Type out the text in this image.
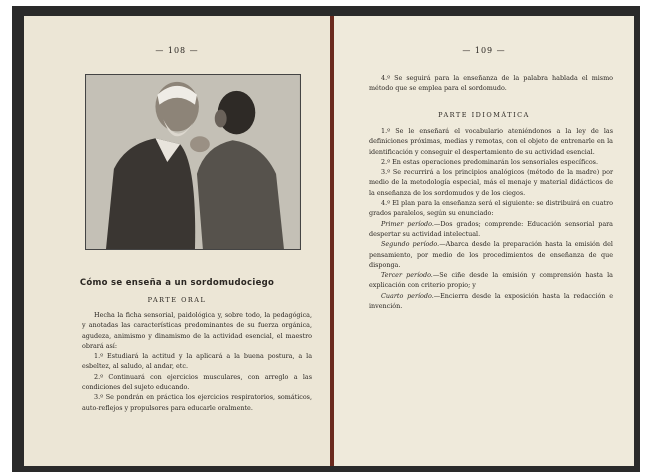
— 108 —
Cómo se enseña a un sordomudociego
PARTE ORAL

Hecha la ficha sensorial, paidológica y, sobre todo, la pedagógica, y anotadas las características predominantes de su fuerza orgánica, agudeza, animismo y dinamismo de la actividad esencial, el maestro obrará así:

1.º Estudiará la actitud y la aplicará a la buena postura, a la esbeltez, al saludo, al andar, etc.

2.º Continuará con ejercicios musculares, con arreglo a las condiciones del sujeto educando.

3.º Se pondrán en práctica los ejercicios respiratorios, somáticos, auto-reflejos y propulsores para educarle oralmente.

— 109 —

4.º Se seguirá para la enseñanza de la palabra hablada el mismo método que se emplea para el sordomudo.

PARTE IDIOMÁTICA

1.º Se le enseñará el vocabulario ateniéndonos a la ley de las definiciones próximas, medias y remotas, con el objeto de entrenarle en la identificación y conseguir el despertamiento de su actividad esencial.

2.º En estas operaciones predominarán los sensoriales específicos.

3.º Se recurrirá a los principios analógicos (método de la madre) por medio de la metodología especial, más el menaje y material didácticos de la enseñanza de los sordomudos y de los ciegos.

4.º El plan para la enseñanza será el siguiente: se distribuirá en cuatro grados paralelos, según su enunciado:

Primer período.—Dos grados; comprende: Educación sensorial para despertar su actividad intelectual.

Segundo período.—Abarca desde la preparación hasta la emisión del pensamiento, por medio de los procedimientos de enseñanza de que disponga.

Tercer período.—Se ciñe desde la emisión y comprensión hasta la explicación con criterio propio; y

Cuarto período.—Encierra desde la exposición hasta la redacción e invención.
